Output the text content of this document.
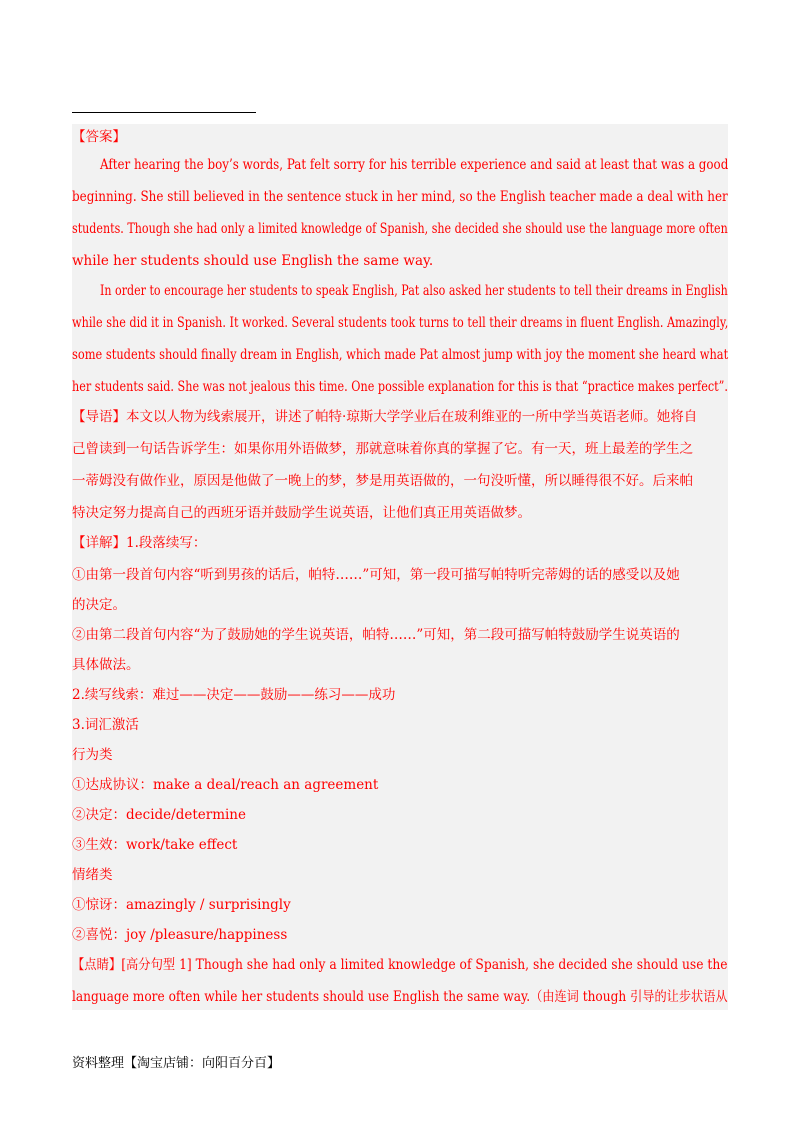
【答案】
After hearing the boy’s words, Pat felt sorry for his terrible experience and said at least that was a good
beginning. She still believed in the sentence stuck in her mind, so the English teacher made a deal with her
students. Though she had only a limited knowledge of Spanish, she decided she should use the language more often
while her students should use English the same way.
In order to encourage her students to speak English, Pat also asked her students to tell their dreams in English
while she did it in Spanish. It worked. Several students took turns to tell their dreams in fluent English. Amazingly,
some students should finally dream in English, which made Pat almost jump with joy the moment she heard what
her students said. She was not jealous this time. One possible explanation for this is that “practice makes perfect”.
【导语】本文以人物为线索展开，讲述了帕特·琼斯大学学业后在玻利维亚的一所中学当英语老师。她将自
己曾读到一句话告诉学生：如果你用外语做梦，那就意味着你真的掌握了它。有一天，班上最差的学生之
一蒂姆没有做作业，原因是他做了一晚上的梦，梦是用英语做的，一句没听懂，所以睡得很不好。后来帕
特决定努力提高自己的西班牙语并鼓励学生说英语，让他们真正用英语做梦。
【详解】1.段落续写：
①由第一段首句内容“听到男孩的话后，帕特……”可知，第一段可描写帕特听完蒂姆的话的感受以及她
的决定。
②由第二段首句内容“为了鼓励她的学生说英语，帕特……”可知，第二段可描写帕特鼓励学生说英语的
具体做法。
2.续写线索：难过——决定——鼓励——练习——成功
3.词汇激活
行为类
①达成协议：make a deal/reach an agreement
②决定：decide/determine
③生效：work/take effect
情绪类
①惊讶：amazingly / surprisingly
②喜悦：joy /pleasure/happiness
【点睛】[高分句型 1] Though she had only a limited knowledge of Spanish, she decided she should use the
language more often while her students should use English the same way.（由连词 though 引导的让步状语从
资料整理【淘宝店铺：向阳百分百】
